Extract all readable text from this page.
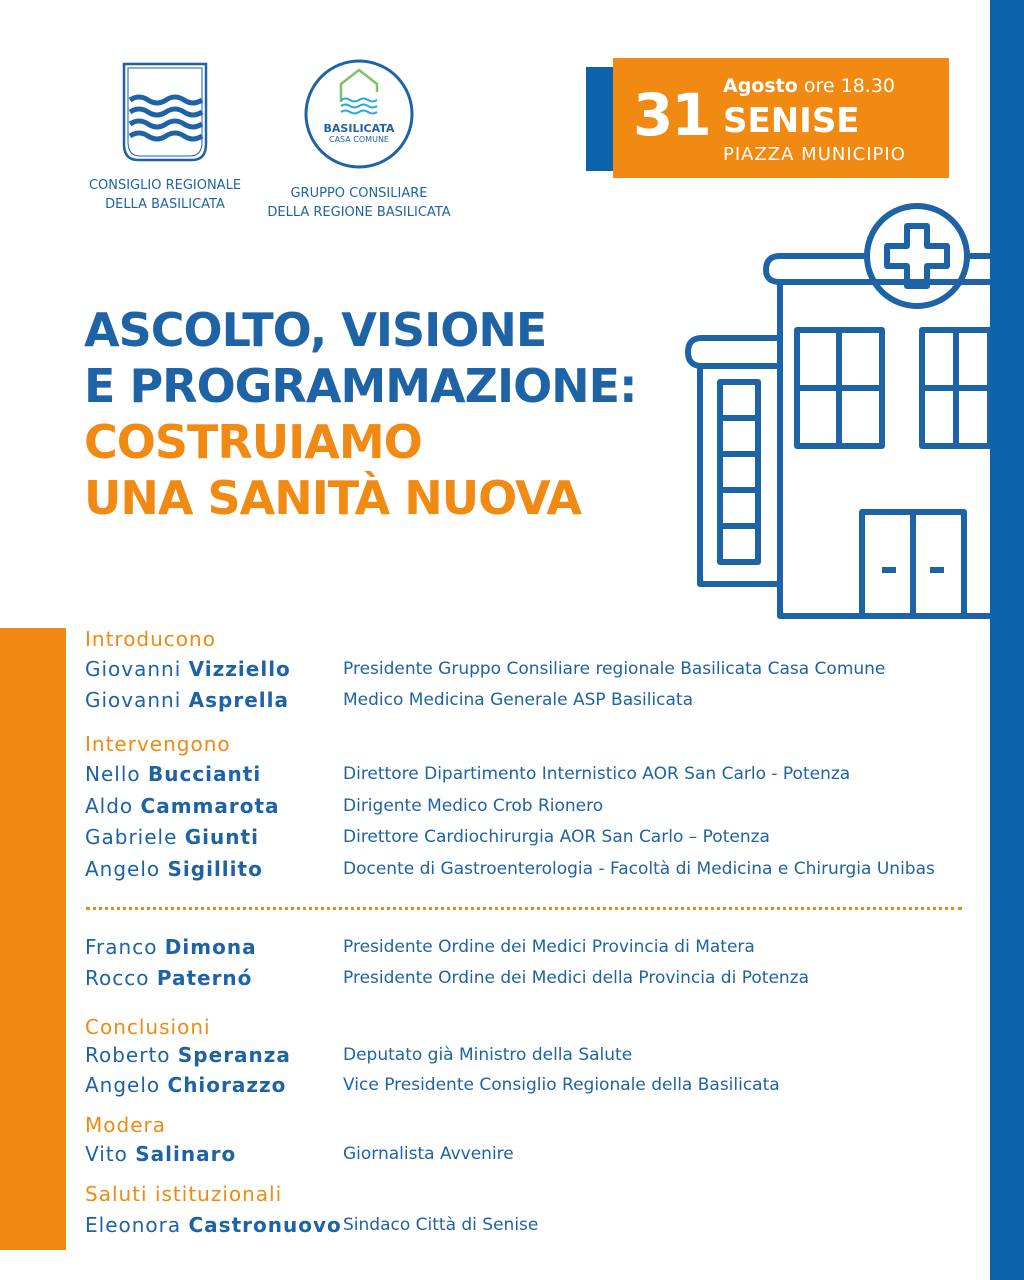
CONSIGLIO REGIONALE
DELLA BASILICATA
BASILICATA
CASA COMUNE
GRUPPO CONSILIARE
DELLA REGIONE BASILICATA
31 Agosto ore 18.30
SENISE
PIAZZA MUNICIPIO
ASCOLTO, VISIONE
E PROGRAMMAZIONE:
COSTRUIAMO
UNA SANITÀ NUOVA
Introducono
Giovanni Vizziello	Presidente Gruppo Consiliare regionale Basilicata Casa Comune
Giovanni Asprella	Medico Medicina Generale ASP Basilicata
Intervengono
Nello Buccianti	Direttore Dipartimento Internistico AOR San Carlo - Potenza
Aldo Cammarota	Dirigente Medico Crob Rionero
Gabriele Giunti	Direttore Cardiochirurgia AOR San Carlo – Potenza
Angelo Sigillito	Docente di Gastroenterologia - Facoltà di Medicina e Chirurgia Unibas
Franco Dimona	Presidente Ordine dei Medici Provincia di Matera
Rocco Paternó	Presidente Ordine dei Medici della Provincia di Potenza
Conclusioni
Roberto Speranza	Deputato già Ministro della Salute
Angelo Chiorazzo	Vice Presidente Consiglio Regionale della Basilicata
Modera
Vito Salinaro	Giornalista Avvenire
Saluti istituzionali
Eleonora Castronuovo Sindaco Città di Senise
